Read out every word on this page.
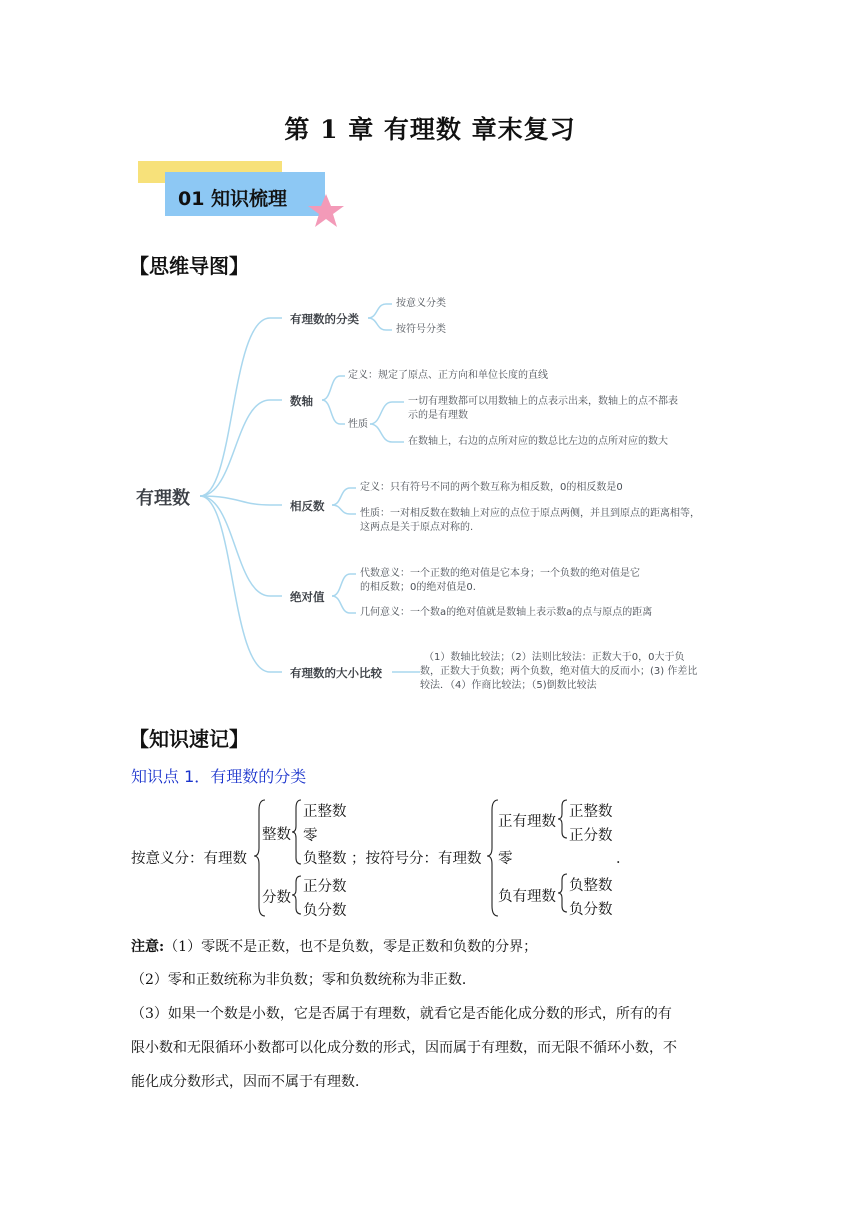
第 1 章 有理数 章末复习
01 知识梳理
【思维导图】
有理数
有理数的分类
按意义分类
按符号分类
数轴
定义：规定了原点、正方向和单位长度的直线
性质
一切有理数都可以用数轴上的点表示出来，数轴上的点不都表
示的是有理数
在数轴上，右边的点所对应的数总比左边的点所对应的数大
相反数
定义：只有符号不同的两个数互称为相反数，0的相反数是0
性质：一对相反数在数轴上对应的点位于原点两侧，并且到原点的距离相等，
这两点是关于原点对称的.
绝对值
代数意义：一个正数的绝对值是它本身；一个负数的绝对值是它
的相反数；0的绝对值是0.
几何意义：一个数a的绝对值就是数轴上表示数a的点与原点的距离
有理数的大小比较
（1）数轴比较法；（2）法则比较法：正数大于0，0大于负
数，正数大于负数；两个负数，绝对值大的反而小；(3) 作差比
较法．（4）作商比较法；（5)倒数比较法
【知识速记】
知识点 1．有理数的分类
按意义分：有理数
整数
正整数
零
负整数 ；按符号分：有理数
分数
正分数
负分数
正有理数
正整数
正分数
零	．
负有理数
负整数
负分数
注意:（1）零既不是正数，也不是负数，零是正数和负数的分界；
（2）零和正数统称为非负数；零和负数统称为非正数．
（3）如果一个数是小数，它是否属于有理数，就看它是否能化成分数的形式，所有的有
限小数和无限循环小数都可以化成分数的形式，因而属于有理数，而无限不循环小数，不
能化成分数形式，因而不属于有理数．
